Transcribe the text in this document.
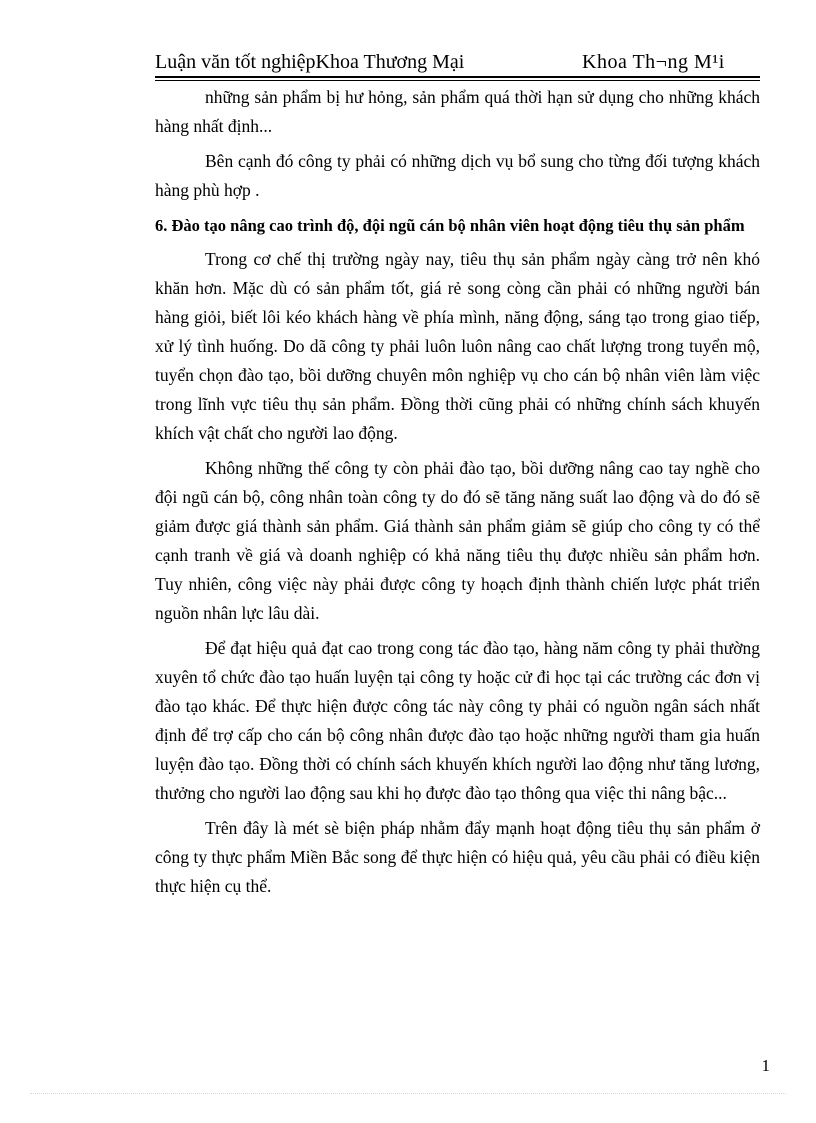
Luận văn tốt nghiệpKhoa Thương Mại	Khoa Th¬ng M¹i

những sản phẩm bị hư hỏng, sản phẩm quá thời hạn sử dụng cho những khách hàng nhất định...

Bên cạnh đó công ty phải có những dịch vụ bổ sung cho từng đối tượng khách hàng phù hợp .

6. Đào tạo nâng cao trình độ, đội ngũ cán bộ nhân viên hoạt động tiêu thụ sản phẩm

Trong cơ chế thị trường ngày nay, tiêu thụ sản phẩm ngày càng trở nên khó khăn hơn. Mặc dù có sản phẩm tốt, giá rẻ song còng cần phải có những người bán hàng giỏi, biết lôi kéo khách hàng về phía mình, năng động, sáng tạo trong giao tiếp, xử lý tình huống. Do dã công ty phải luôn luôn nâng cao chất lượng trong tuyển mộ, tuyển chọn đào tạo, bồi dưỡng chuyên môn nghiệp vụ cho cán bộ nhân viên làm việc trong lĩnh vực tiêu thụ sản phẩm. Đồng thời cũng phải có những chính sách khuyến khích vật chất cho người lao động.

Không những thế công ty còn phải đào tạo, bồi dưỡng nâng cao tay nghề cho đội ngũ cán bộ, công nhân toàn công ty do đó sẽ tăng năng suất lao động và do đó sẽ giảm được giá thành sản phẩm. Giá thành sản phẩm giảm sẽ giúp cho công ty có thể cạnh tranh về giá và doanh nghiệp có khả năng tiêu thụ được nhiều sản phẩm hơn. Tuy nhiên, công việc này phải được công ty hoạch định thành chiến lược phát triển nguồn nhân lực lâu dài.

Để đạt hiệu quả đạt cao trong cong tác đào tạo, hàng năm công ty phải thường xuyên tổ chức đào tạo huấn luyện tại công ty hoặc cử đi học tại các trường các đơn vị đào tạo khác. Để thực hiện được công tác này công ty phải có nguồn ngân sách nhất định để trợ cấp cho cán bộ công nhân được đào tạo hoặc những người tham gia huấn luyện đào tạo. Đồng thời có chính sách khuyến khích người lao động như tăng lương, thưởng cho người lao động sau khi họ được đào tạo thông qua việc thi nâng bậc...

Trên đây là mét sè biện pháp nhằm đẩy mạnh hoạt động tiêu thụ sản phẩm ở công ty thực phẩm Miền Bắc song để thực hiện có hiệu quả, yêu cầu phải có điều kiện thực hiện cụ thể.

1
